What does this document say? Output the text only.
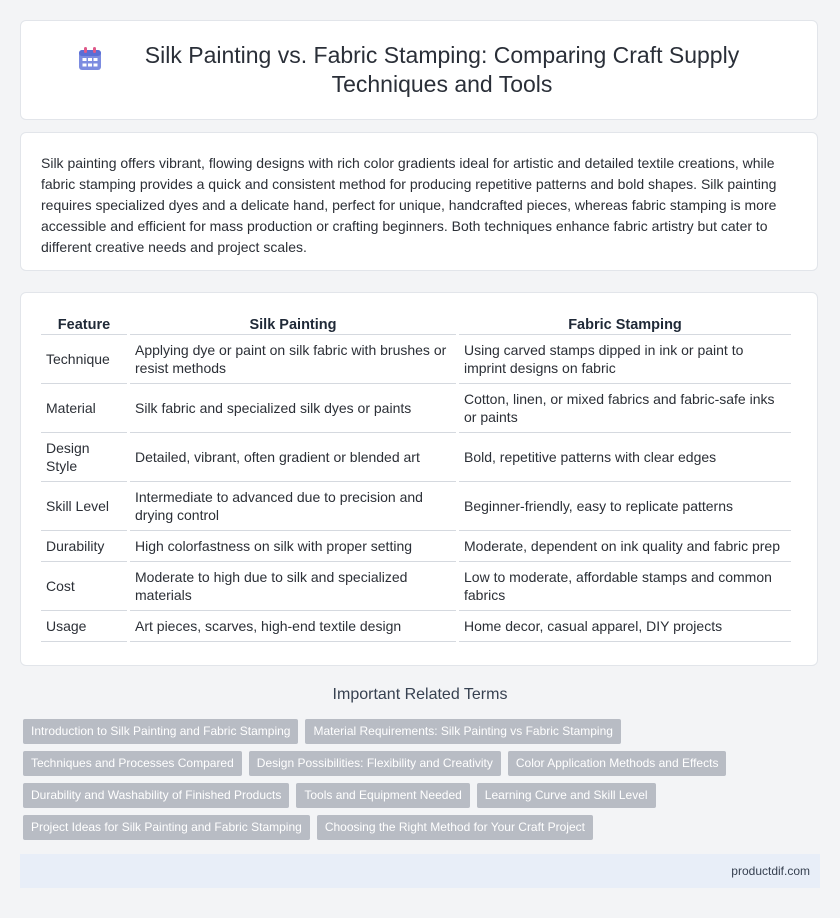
Silk Painting vs. Fabric Stamping: Comparing Craft Supply Techniques and Tools

Silk painting offers vibrant, flowing designs with rich color gradients ideal for artistic and detailed textile creations, while fabric stamping provides a quick and consistent method for producing repetitive patterns and bold shapes. Silk painting requires specialized dyes and a delicate hand, perfect for unique, handcrafted pieces, whereas fabric stamping is more accessible and efficient for mass production or crafting beginners. Both techniques enhance fabric artistry but cater to different creative needs and project scales.

Feature	Silk Painting	Fabric Stamping
Technique	Applying dye or paint on silk fabric with brushes or resist methods	Using carved stamps dipped in ink or paint to imprint designs on fabric
Material	Silk fabric and specialized silk dyes or paints	Cotton, linen, or mixed fabrics and fabric-safe inks or paints
Design Style	Detailed, vibrant, often gradient or blended art	Bold, repetitive patterns with clear edges
Skill Level	Intermediate to advanced due to precision and drying control	Beginner-friendly, easy to replicate patterns
Durability	High colorfastness on silk with proper setting	Moderate, dependent on ink quality and fabric prep
Cost	Moderate to high due to silk and specialized materials	Low to moderate, affordable stamps and common fabrics
Usage	Art pieces, scarves, high-end textile design	Home decor, casual apparel, DIY projects
Important Related Terms
Introduction to Silk Painting and Fabric Stamping	Material Requirements: Silk Painting vs Fabric Stamping
Techniques and Processes Compared	Design Possibilities: Flexibility and Creativity	Color Application Methods and Effects
Durability and Washability of Finished Products	Tools and Equipment Needed	Learning Curve and Skill Level
Project Ideas for Silk Painting and Fabric Stamping	Choosing the Right Method for Your Craft Project
productdif.com
